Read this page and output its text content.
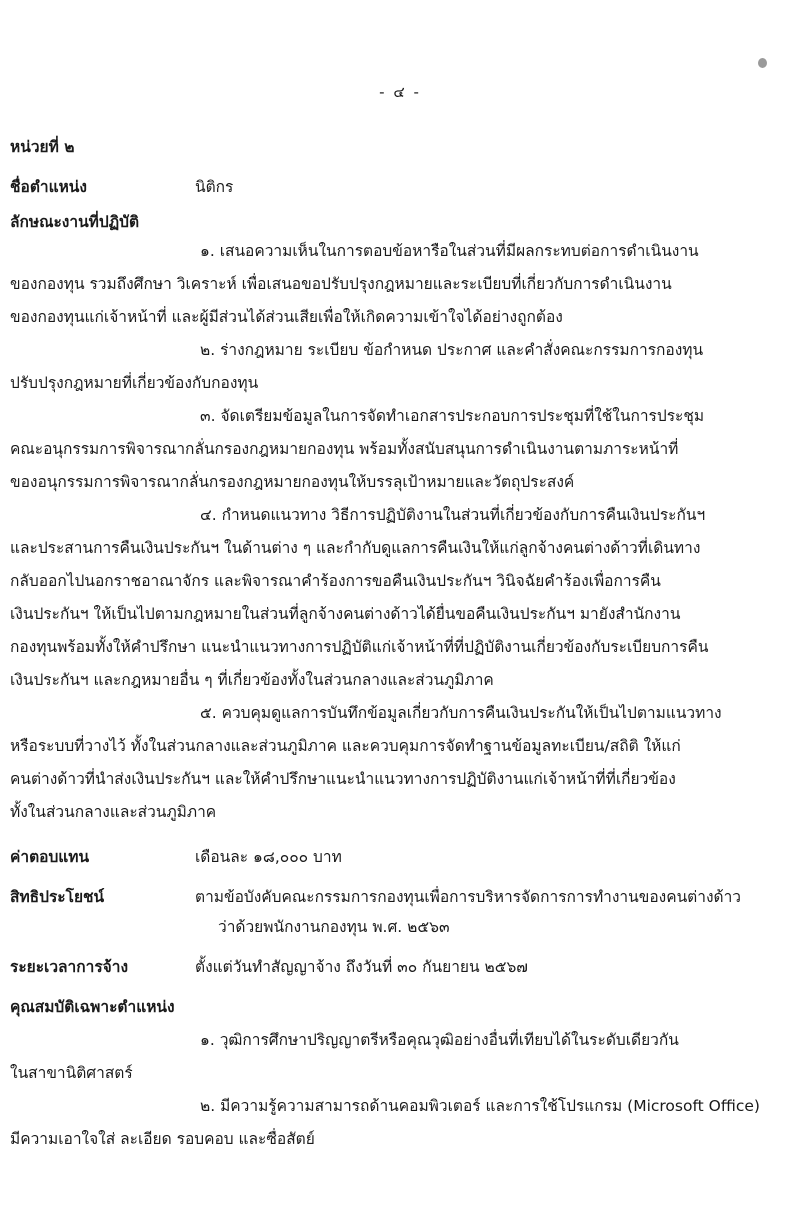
- ๔ -
หน่วยที่ ๒
ชื่อตำแหน่ง	นิติกร
ลักษณะงานที่ปฏิบัติ
๑. เสนอความเห็นในการตอบข้อหารือในส่วนที่มีผลกระทบต่อการดำเนินงาน
ของกองทุน รวมถึงศึกษา วิเคราะห์ เพื่อเสนอขอปรับปรุงกฎหมายและระเบียบที่เกี่ยวกับการดำเนินงาน
ของกองทุนแก่เจ้าหน้าที่ และผู้มีส่วนได้ส่วนเสียเพื่อให้เกิดความเข้าใจได้อย่างถูกต้อง
๒. ร่างกฎหมาย ระเบียบ ข้อกำหนด ประกาศ และคำสั่งคณะกรรมการกองทุน
ปรับปรุงกฎหมายที่เกี่ยวข้องกับกองทุน
๓. จัดเตรียมข้อมูลในการจัดทำเอกสารประกอบการประชุมที่ใช้ในการประชุม
คณะอนุกรรมการพิจารณากลั่นกรองกฎหมายกองทุน พร้อมทั้งสนับสนุนการดำเนินงานตามภาระหน้าที่
ของอนุกรรมการพิจารณากลั่นกรองกฎหมายกองทุนให้บรรลุเป้าหมายและวัตถุประสงค์
๔. กำหนดแนวทาง วิธีการปฏิบัติงานในส่วนที่เกี่ยวข้องกับการคืนเงินประกันฯ
และประสานการคืนเงินประกันฯ ในด้านต่าง ๆ และกำกับดูแลการคืนเงินให้แก่ลูกจ้างคนต่างด้าวที่เดินทาง
กลับออกไปนอกราชอาณาจักร และพิจารณาคำร้องการขอคืนเงินประกันฯ วินิจฉัยคำร้องเพื่อการคืน
เงินประกันฯ ให้เป็นไปตามกฎหมายในส่วนที่ลูกจ้างคนต่างด้าวได้ยื่นขอคืนเงินประกันฯ มายังสำนักงาน
กองทุนพร้อมทั้งให้คำปรึกษา แนะนำแนวทางการปฏิบัติแก่เจ้าหน้าที่ที่ปฏิบัติงานเกี่ยวข้องกับระเบียบการคืน
เงินประกันฯ และกฎหมายอื่น ๆ ที่เกี่ยวข้องทั้งในส่วนกลางและส่วนภูมิภาค
๕. ควบคุมดูแลการบันทึกข้อมูลเกี่ยวกับการคืนเงินประกันให้เป็นไปตามแนวทาง
หรือระบบที่วางไว้ ทั้งในส่วนกลางและส่วนภูมิภาค และควบคุมการจัดทำฐานข้อมูลทะเบียน/สถิติ ให้แก่
คนต่างด้าวที่นำส่งเงินประกันฯ และให้คำปรึกษาแนะนำแนวทางการปฏิบัติงานแก่เจ้าหน้าที่ที่เกี่ยวข้อง
ทั้งในส่วนกลางและส่วนภูมิภาค
ค่าตอบแทน	เดือนละ ๑๘,๐๐๐ บาท
สิทธิประโยชน์	ตามข้อบังคับคณะกรรมการกองทุนเพื่อการบริหารจัดการการทำงานของคนต่างด้าว
ว่าด้วยพนักงานกองทุน พ.ศ. ๒๕๖๓
ระยะเวลาการจ้าง	ตั้งแต่วันทำสัญญาจ้าง ถึงวันที่ ๓๐ กันยายน ๒๕๖๗
คุณสมบัติเฉพาะตำแหน่ง
๑. วุฒิการศึกษาปริญญาตรีหรือคุณวุฒิอย่างอื่นที่เทียบได้ในระดับเดียวกัน
ในสาขานิติศาสตร์
๒. มีความรู้ความสามารถด้านคอมพิวเตอร์ และการใช้โปรแกรม (Microsoft Office)
มีความเอาใจใส่ ละเอียด รอบคอบ และซื่อสัตย์
